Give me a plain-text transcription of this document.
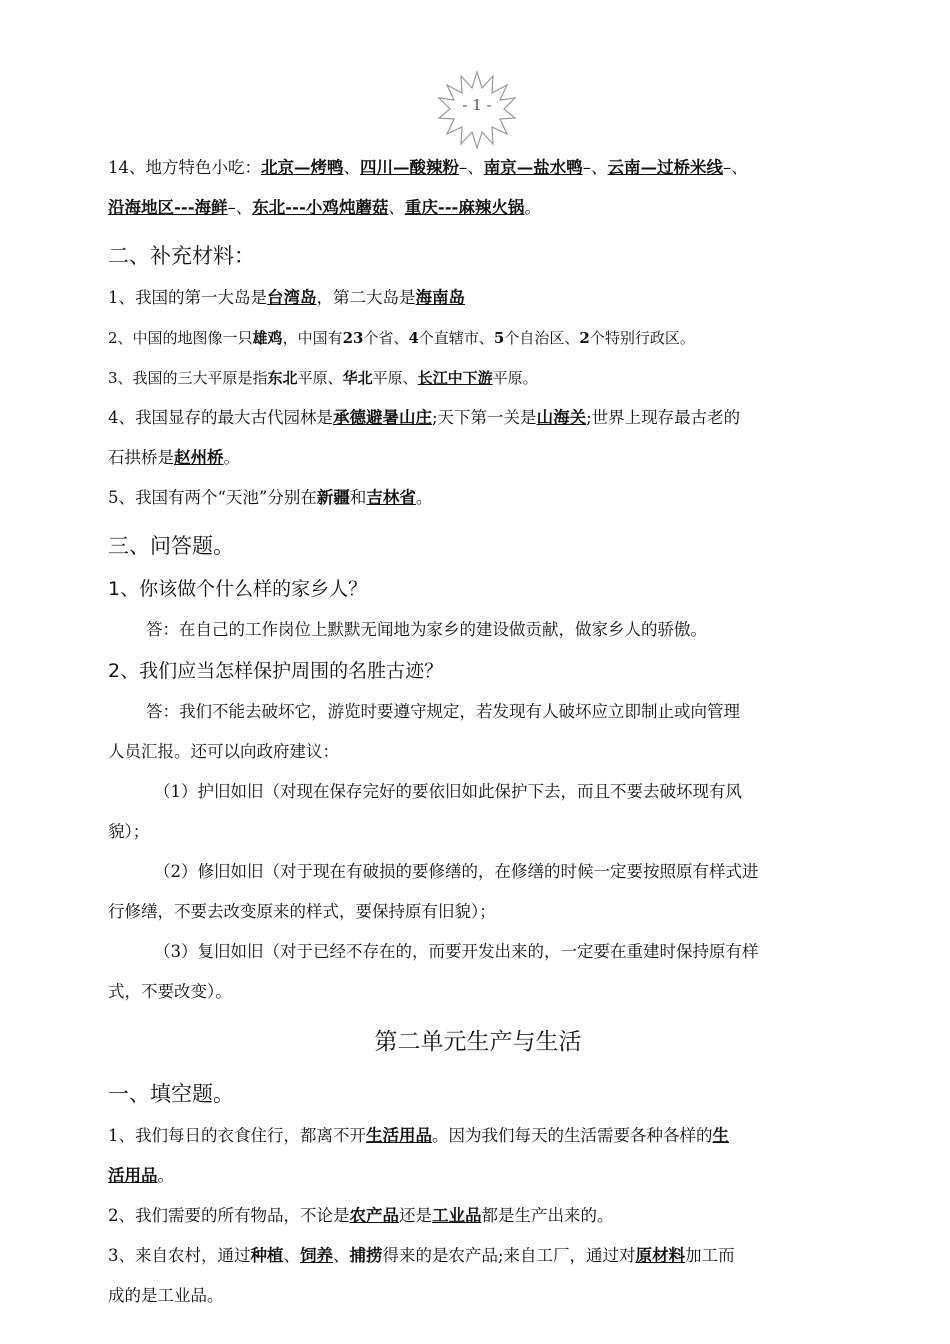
- 1 -
14、地方特色小吃：北京—烤鸭、四川—酸辣粉–、南京—盐水鸭–、云南—过桥米线–、
沿海地区---海鲜–、东北---小鸡炖蘑菇、重庆---麻辣火锅。
二、补充材料：
1、我国的第一大岛是台湾岛，第二大岛是海南岛
2、中国的地图像一只雄鸡，中国有23个省、4个直辖市、5个自治区、2个特别行政区。
3、我国的三大平原是指东北平原、华北平原、长江中下游平原。
4、我国显存的最大古代园林是承德避暑山庄;天下第一关是山海关;世界上现存最古老的
石拱桥是赵州桥。
5、我国有两个“天池”分别在新疆和吉林省。
三、问答题。
1、你该做个什么样的家乡人？
答：在自己的工作岗位上默默无闻地为家乡的建设做贡献，做家乡人的骄傲。
2、我们应当怎样保护周围的名胜古迹？
答：我们不能去破坏它，游览时要遵守规定，若发现有人破坏应立即制止或向管理
人员汇报。还可以向政府建议：
（1）护旧如旧（对现在保存完好的要依旧如此保护下去，而且不要去破坏现有风
貌）；
（2）修旧如旧（对于现在有破损的要修缮的，在修缮的时候一定要按照原有样式进
行修缮，不要去改变原来的样式，要保持原有旧貌）；
（3）复旧如旧（对于已经不存在的，而要开发出来的，一定要在重建时保持原有样
式，不要改变）。
第二单元生产与生活
一、填空题。
1、我们每日的衣食住行，都离不开生活用品。因为我们每天的生活需要各种各样的生
活用品。
2、我们需要的所有物品，不论是农产品还是工业品都是生产出来的。
3、来自农村，通过种植、饲养、捕捞得来的是农产品;来自工厂，通过对原材料加工而
成的是工业品。
